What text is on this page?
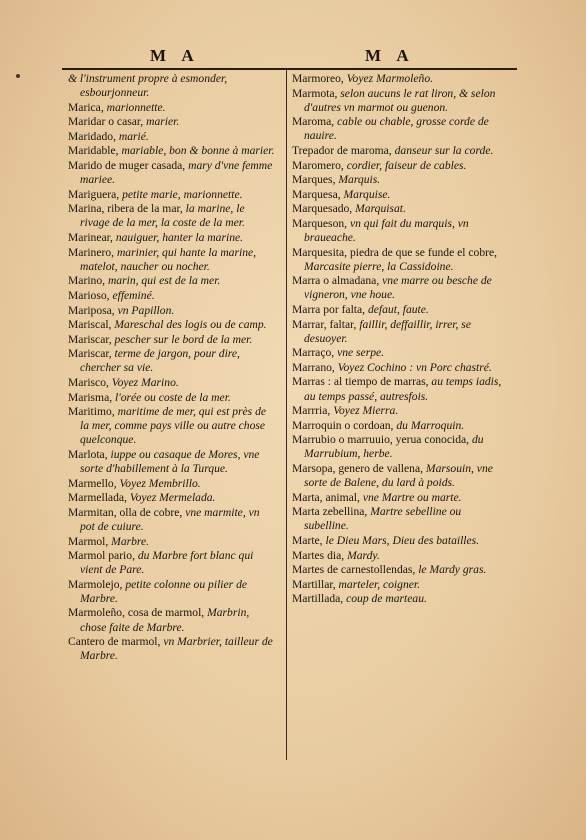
M A	M A

& l'instrument propre à esmonder, esbourjonneur.

Marica, marionnette.

Maridar o casar, marier.

Maridado, marié.

Maridable, mariable, bon & bonne à marier.

Marido de muger casada, mary d'vne femme mariee.

Mariguera, petite marie, marionnette.

Marina, ribera de la mar, la marine, le rivage de la mer, la coste de la mer.

Marinear, nauiguer, hanter la marine.

Marinero, marinier, qui hante la marine, matelot, naucher ou nocher.

Marino, marin, qui est de la mer.

Marioso, effeminé.

Mariposa, vn Papillon.

Mariscal, Mareschal des logis ou de camp.

Mariscar, pescher sur le bord de la mer.

Mariscar, terme de jargon, pour dire, chercher sa vie.

Marisco, Voyez Marino.

Marisma, l'orée ou coste de la mer.

Maritimo, maritime de mer, qui est près de la mer, comme pays ville ou autre chose quelconque.

Marlota, iuppe ou casaque de Mores, vne sorte d'habillement à la Turque.

Marmello, Voyez Membrillo.

Marmellada, Voyez Mermelada.

Marmitan, olla de cobre, vne marmite, vn pot de cuiure.

Marmol, Marbre.

Marmol pario, du Marbre fort blanc qui vient de Pare.

Marmolejo, petite colonne ou pilier de Marbre.

Marmoleño, cosa de marmol, Marbrin, chose faite de Marbre.

Cantero de marmol, vn Marbrier, tailleur de Marbre.

Marmoreo, Voyez Marmoleño.

Marmota, selon aucuns le rat liron, & selon d'autres vn marmot ou guenon.

Maroma, cable ou chable, grosse corde de nauire.

Trepador de maroma, danseur sur la corde.

Maromero, cordier, faiseur de cables.

Marques, Marquis.

Marquesa, Marquise.

Marquesado, Marquisat.

Marqueson, vn qui fait du marquis, vn braueache.

Marquesita, piedra de que se funde el cobre, Marcasite pierre, la Cassidoine.

Marra o almadana, vne marre ou besche de vigneron, vne houe.

Marra por falta, defaut, faute.

Marrar, faltar, faillir, deffaillir, irrer, se desuoyer.

Marraço, vne serpe.

Marrano, Voyez Cochino : vn Porc chastré.

Marras : al tiempo de marras, au temps iadis, au temps passé, autresfois.

Marrria, Voyez Mierra.

Marroquin o cordoan, du Marroquin.

Marrubio o marruuio, yerua conocida, du Marrubium, herbe.

Marsopa, genero de vallena, Marsouin, vne sorte de Balene, du lard à poids.

Marta, animal, vne Martre ou marte.

Marta zebellina, Martre sebelline ou subelline.

Marte, le Dieu Mars, Dieu des batailles.

Martes dia, Mardy.

Martes de carnestollendas, le Mardy gras.

Martillar, marteler, coigner.

Martillada, coup de marteau.
